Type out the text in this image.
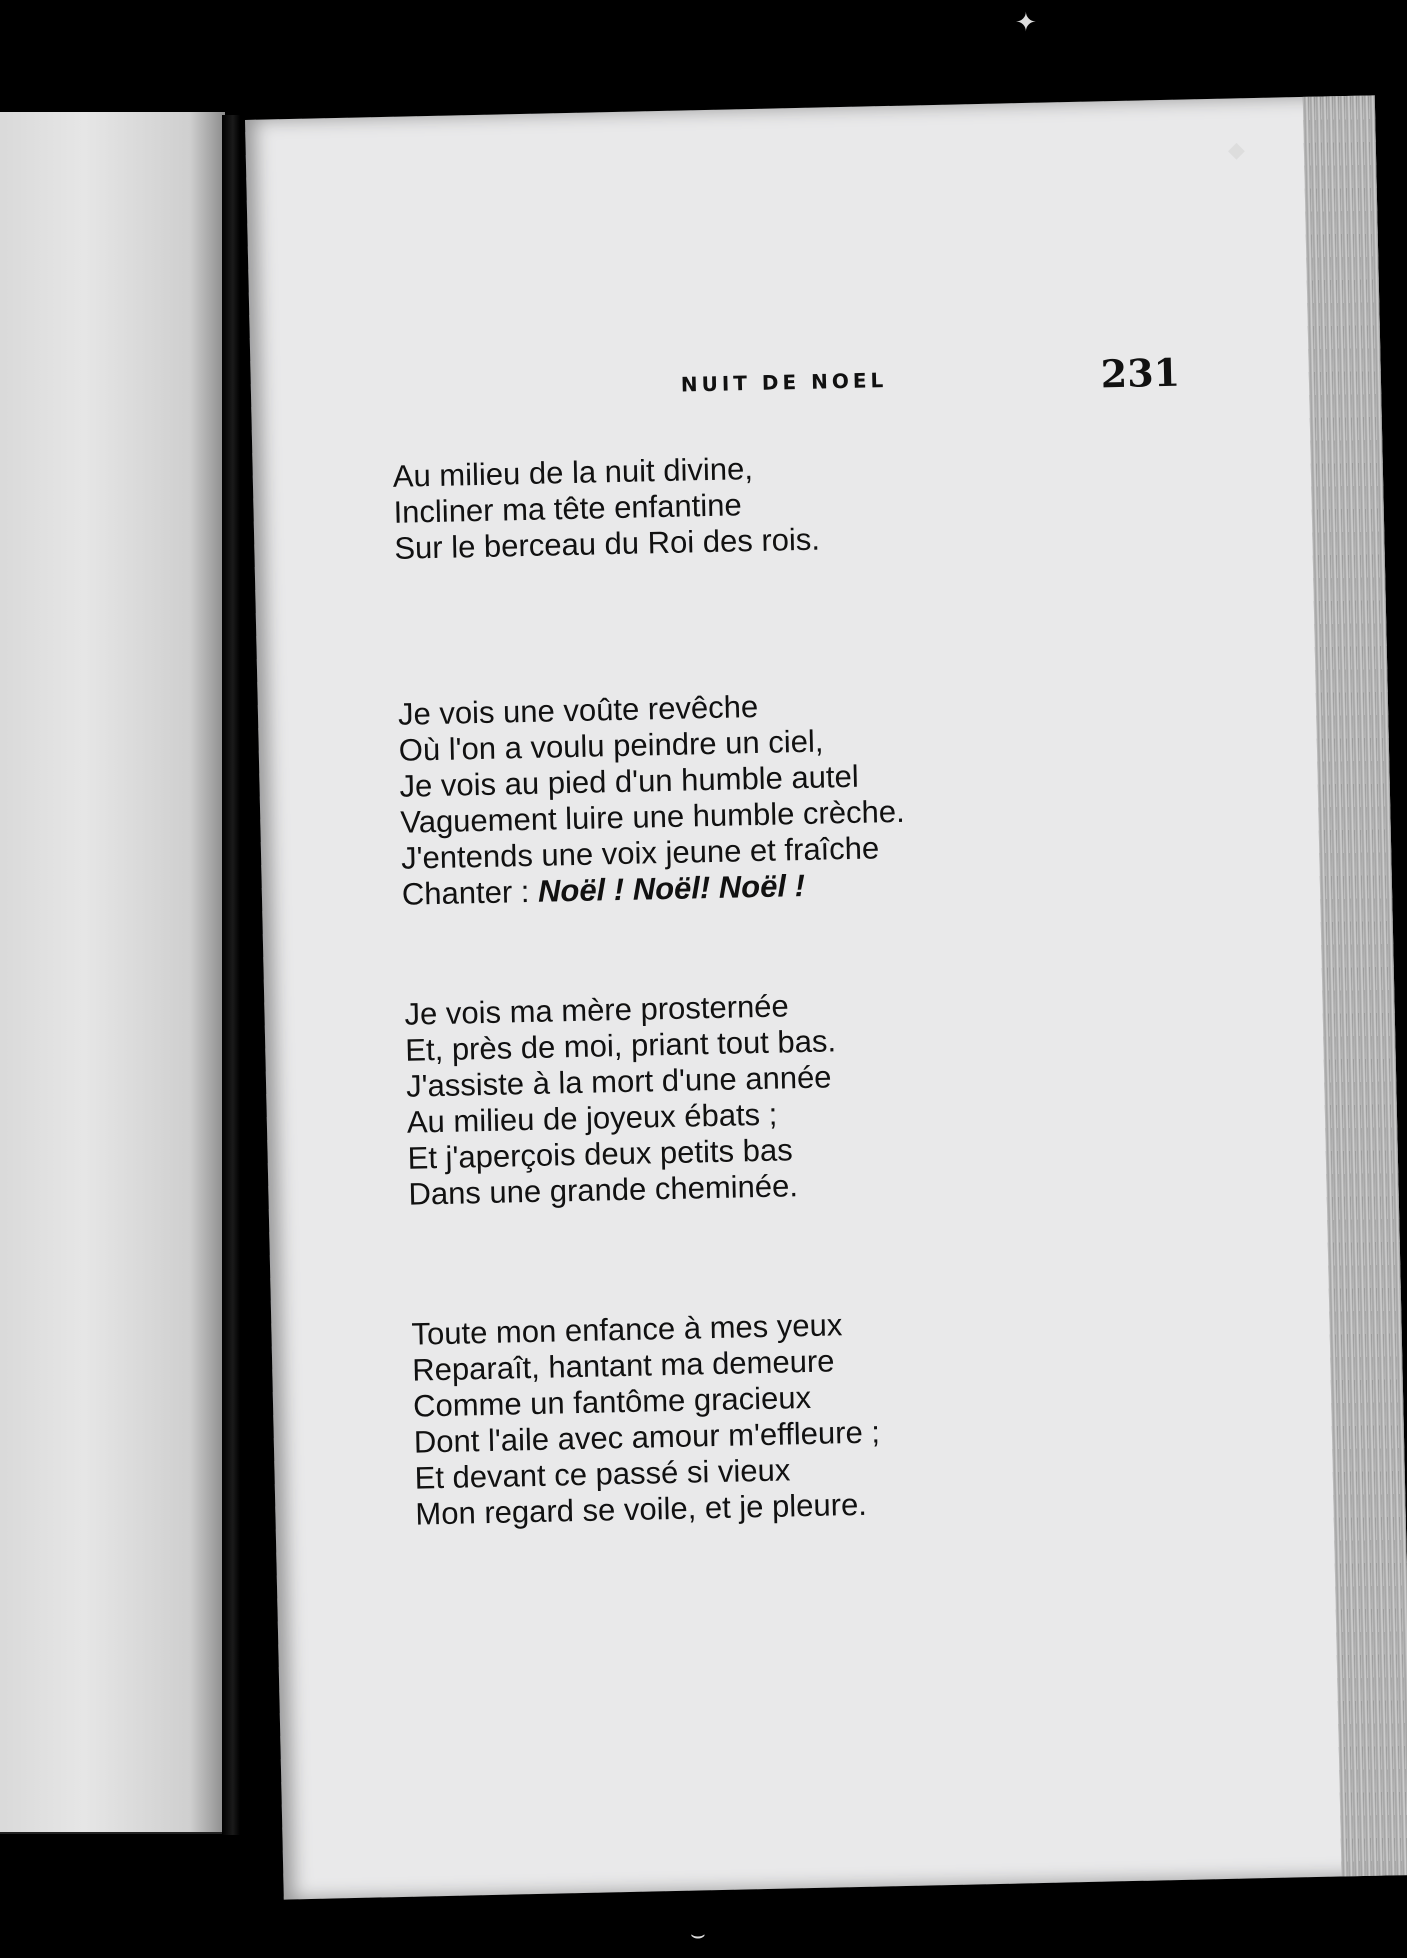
NUIT DE NOEL	231
Au milieu de la nuit divine,
Incliner ma tête enfantine
Sur le berceau du Roi des rois.
Je vois une voûte revêche
Où l'on a voulu peindre un ciel,
Je vois au pied d'un humble autel
Vaguement luire une humble crèche.
J'entends une voix jeune et fraîche
Chanter : Noël ! Noël! Noël !
Je vois ma mère prosternée
Et, près de moi, priant tout bas.
J'assiste à la mort d'une année
Au milieu de joyeux ébats ;
Et j'aperçois deux petits bas
Dans une grande cheminée.
Toute mon enfance à mes yeux
Reparaît, hantant ma demeure
Comme un fantôme gracieux
Dont l'aile avec amour m'effleure ;
Et devant ce passé si vieux
Mon regard se voile, et je pleure.
✦
◆
⌣
